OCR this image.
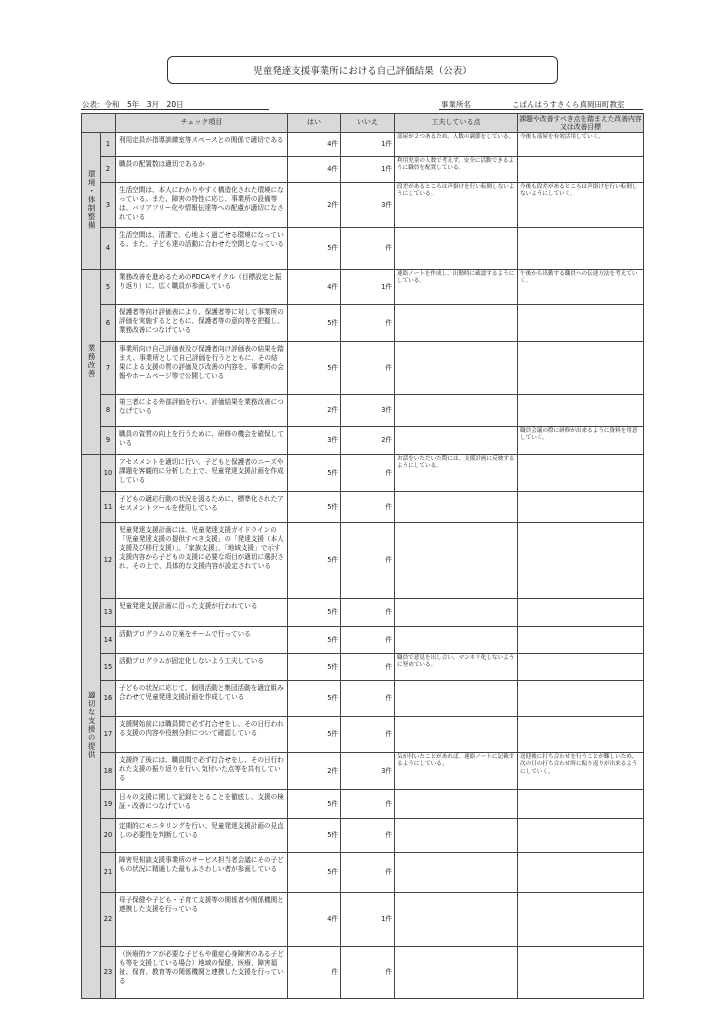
児童発達支援事業所における自己評価結果（公表）
公表：令和　5年　3月　20日	事業所名	こぱんはうすさくら真岡田町教室
		チェック項目	はい	いいえ	工夫している点	課題や改善すべき点を踏まえた改善内容又は改善目標
環境・体制整備	1	利用定員が指導訓練室等スペースとの関係で適切である	4件	1件	部屋が２つあるため、人数の調節をしている。	今後も部屋を有効活用していく。
	2	職員の配置数は適切であるか	4件	1件	利用児童の人数で考えず、安全に活動できるように職員を配置している。	
	3	生活空間は、本人にわかりやすく構造化された環境になっている。また、障害の特性に応じ、事業所の設備等は、バリアフリー化や情報伝達等への配慮が適切になされている	2件	3件	段差があるところは声掛けを行い転倒しないようにしている。	今後も段差があるところは声掛けを行い転倒しないようにしていく。
	4	生活空間は、清潔で、心地よく過ごせる環境になっている。また、子ども達の活動に合わせた空間となっている	5件	件		
業務改善	5	業務改善を進めるためのPDCAサイクル（目標設定と振り返り）に、広く職員が参画している	4件	1件	連絡ノートを作成し、出勤時に確認するようにしている。	午後から出勤する職員への伝達方法を考えていく。
	6	保護者等向け評価表により、保護者等に対して事業所の評価を実施するとともに、保護者等の意向等を把握し、業務改善につなげている	5件	件		
	7	事業所向け自己評価表及び保護者向け評価表の結果を踏まえ、事業所として自己評価を行うとともに、その結果による支援の質の評価及び改善の内容を、事業所の会報やホームページ等で公開している	5件	件		
	8	第三者による外部評価を行い、評価結果を業務改善につなげている	2件	3件		
	9	職員の資質の向上を行うために、研修の機会を確保している	3件	2件		職員会議の際に研修が出来るように資料を用意していく。
適切な支援の提供	10	アセスメントを適切に行い、子どもと保護者のニーズや課題を客観的に分析した上で、児童発達支援計画を作成している	5件	件	お話をいただいた際には、支援計画に反映するようにしている。	
	11	子どもの適応行動の状況を図るために、標準化されたアセスメントツールを使用している	5件	件		
	12	児童発達支援計画には、児童発達支援ガイドラインの「児童発達支援の提供すべき支援」の「発達支援（本人支援及び移行支援）」、「家族支援」、「地域支援」で示す支援内容から子どもの支援に必要な項目が適切に選択され、その上で、具体的な支援内容が設定されている	5件	件		
	13	児童発達支援計画に沿った支援が行われている	5件	件		
	14	活動プログラムの立案をチームで行っている	5件	件		
	15	活動プログラムが固定化しないよう工夫している	5件	件	職員で意見を出し合い、マンネリ化しないように努めている。	
	16	子どもの状況に応じて、個別活動と集団活動を適宜組み合わせて児童発達支援計画を作成している	5件	件		
	17	支援開始前には職員間で必ず打合せをし、その日行われる支援の内容や役割分担について確認している	5件	件		
	18	支援終了後には、職員間で必ず打合せをし、その日行われた支援の振り返りを行い､気付いた点等を共有している	2件	3件	気が付いたことがあれば、連絡ノートに記載するようにしている。	送迎後に打ち合わせを行うことが難しいため、次の日の打ち合わせ時に振り返りが出来るようにしていく。
	19	日々の支援に関して記録をとることを徹底し、支援の検証・改善につなげている	5件	件		
	20	定期的にモニタリングを行い、児童発達支援計画の見直しの必要性を判断している	5件	件		
	21	障害児相談支援事業所のサービス担当者会議にその子どもの状況に精通した最もふさわしい者が参画している	5件	件		
	22	母子保健や子ども・子育て支援等の関係者や関係機関と連携した支援を行っている	4件	1件		
	23	（医療的ケアが必要な子どもや重症心身障害のある子ども等を支援している場合）地域の保健、医療、障害福祉、保育、教育等の関係機関と連携した支援を行っている	件	件		
